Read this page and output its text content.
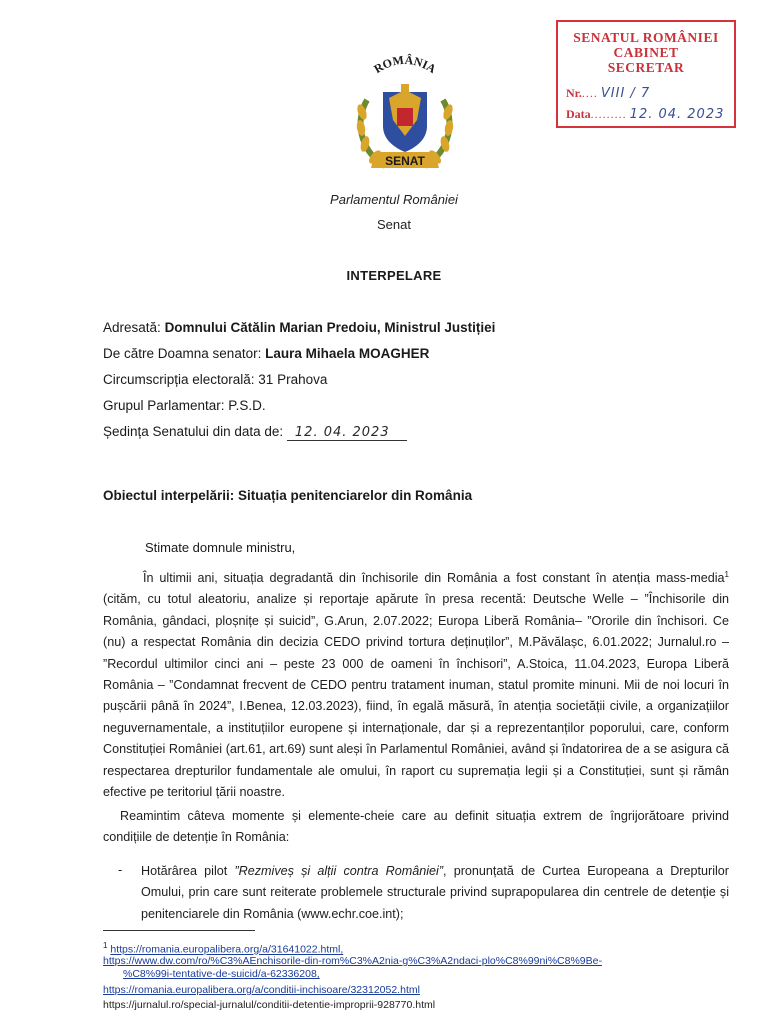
SENAT
ROMÂNIA
Parlamentul României
Senat
SENATUL ROMÂNIEI
CABINET
SECRETAR
Nr..... VIII / 7
Data......... 12. 04. 2023
INTERPELARE
Adresată: Domnului Cătălin Marian Predoiu, Ministrul Justiției
De către Doamna senator: Laura Mihaela MOAGHER
Circumscripția electorală: 31 Prahova
Grupul Parlamentar: P.S.D.
Ședința Senatului din data de: 12. 04. 2023
Obiectul interpelării: Situația penitenciarelor din România
Stimate domnule ministru,

În ultimii ani, situația degradantă din închisorile din România a fost constant în atenția mass-media$^1$ (cităm, cu totul aleatoriu, analize și reportaje apărute în presa recentă: Deutsche Welle – ”Închisorile din România, gândaci, ploșnițe și suicid”, G.Arun, 2.07.2022; Europa Liberă România– ”Ororile din închisori. Ce (nu) a respectat România din decizia CEDO privind tortura deținuților”, M.Păvălașc, 6.01.2022; Jurnalul.ro – ”Recordul ultimilor cinci ani – peste 23 000 de oameni în închisori”, A.Stoica, 11.04.2023, Europa Liberă România – ”Condamnat frecvent de CEDO pentru tratament inuman, statul promite minuni. Mii de noi locuri în pușcării până în 2024”, I.Benea, 12.03.2023), fiind, în egală măsură, în atenția societății civile, a organizațiilor neguvernamentale, a instituțiilor europene și internaționale, dar și a reprezentanților poporului, care, conform Constituției României (art.61, art.69) sunt aleși în Parlamentul României, având și îndatorirea de a se asigura că respectarea drepturilor fundamentale ale omului, în raport cu supremația legii și a Constituției, sunt și rămân efective pe teritoriul țării noastre.

Reamintim câteva momente și elemente-cheie care au definit situația extrem de îngrijorătoare privind condițiile de detenție în România:

- Hotărârea pilot ”Rezmiveș și alții contra României”, pronunțată de Curtea Europeana a Drepturilor Omului, prin care sunt reiterate problemele structurale privind suprapopularea din centrele de detenție și penitenciarele din România (www.echr.coe.int);

$^1$ https://romania.europalibera.org/a/31641022.html,
https://www.dw.com/ro/%C3%AEnchisorile-din-rom%C3%A2nia-g%C3%A2ndaci-plo%C8%99ni%C8%9Be-
%C8%99i-tentative-de-suicid/a-62336208,
https://romania.europalibera.org/a/conditii-inchisoare/32312052.html
https://jurnalul.ro/special-jurnalul/conditii-detentie-improprii-928770.html
